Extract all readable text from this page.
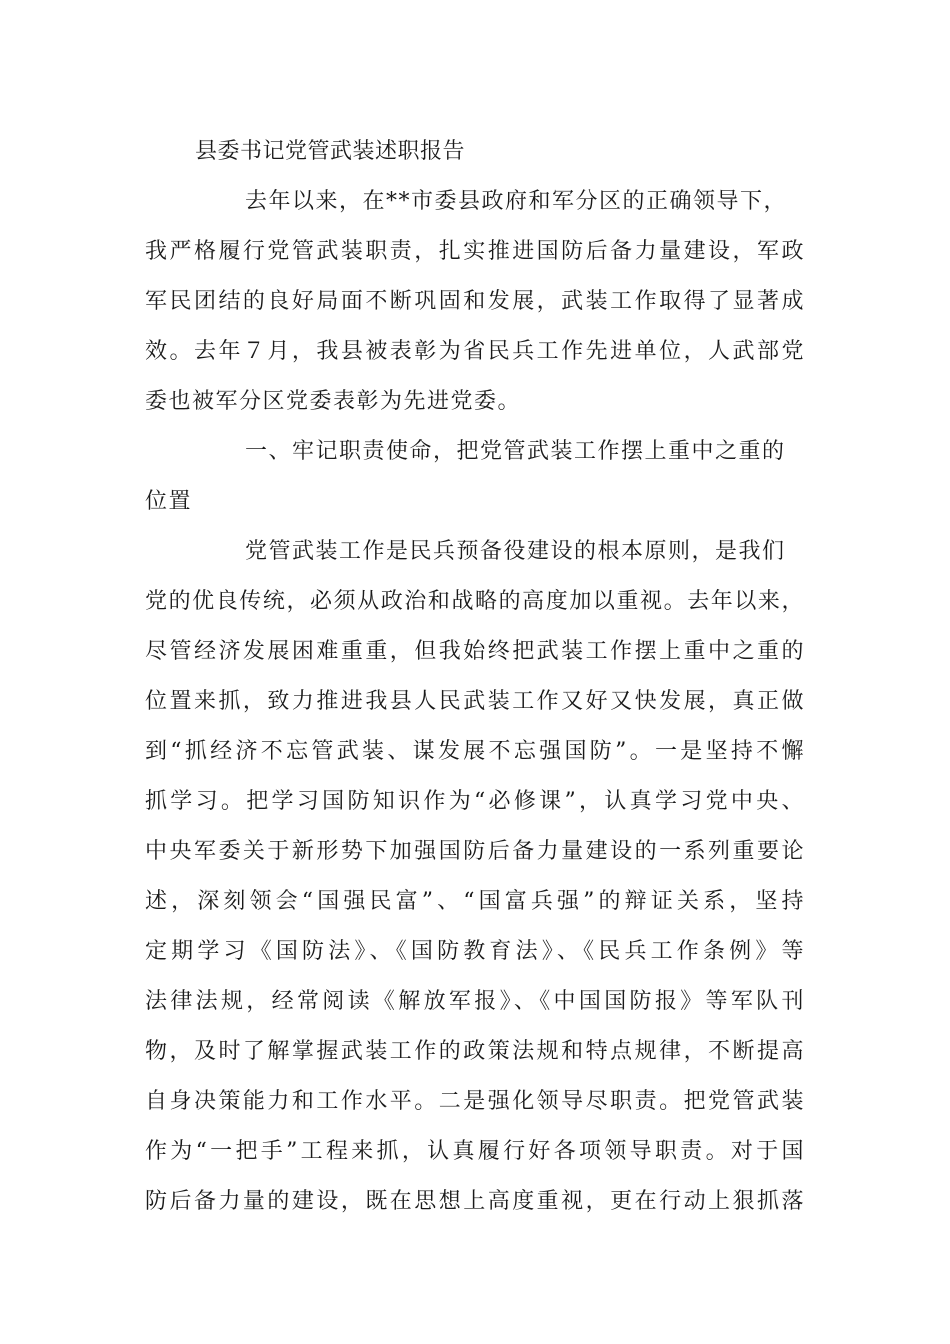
县委书记党管武装述职报告
去年以来，在**市委县政府和军分区的正确领导下，
我严格履行党管武装职责，扎实推进国防后备力量建设，军政
军民团结的良好局面不断巩固和发展，武装工作取得了显著成
效。去年７月，我县被表彰为省民兵工作先进单位，人武部党
委也被军分区党委表彰为先进党委。
一、牢记职责使命，把党管武装工作摆上重中之重的
位置
党管武装工作是民兵预备役建设的根本原则，是我们
党的优良传统，必须从政治和战略的高度加以重视。去年以来，
尽管经济发展困难重重，但我始终把武装工作摆上重中之重的
位置来抓，致力推进我县人民武装工作又好又快发展，真正做
到“抓经济不忘管武装、谋发展不忘强国防”。一是坚持不懈
抓学习。把学习国防知识作为“必修课”，认真学习党中央、
中央军委关于新形势下加强国防后备力量建设的一系列重要论
述，深刻领会“国强民富”、“国富兵强”的辩证关系，坚持
定期学习《国防法》、《国防教育法》、《民兵工作条例》等
法律法规，经常阅读《解放军报》、《中国国防报》等军队刊
物，及时了解掌握武装工作的政策法规和特点规律，不断提高
自身决策能力和工作水平。二是强化领导尽职责。把党管武装
作为“一把手”工程来抓，认真履行好各项领导职责。对于国
防后备力量的建设，既在思想上高度重视，更在行动上狠抓落
